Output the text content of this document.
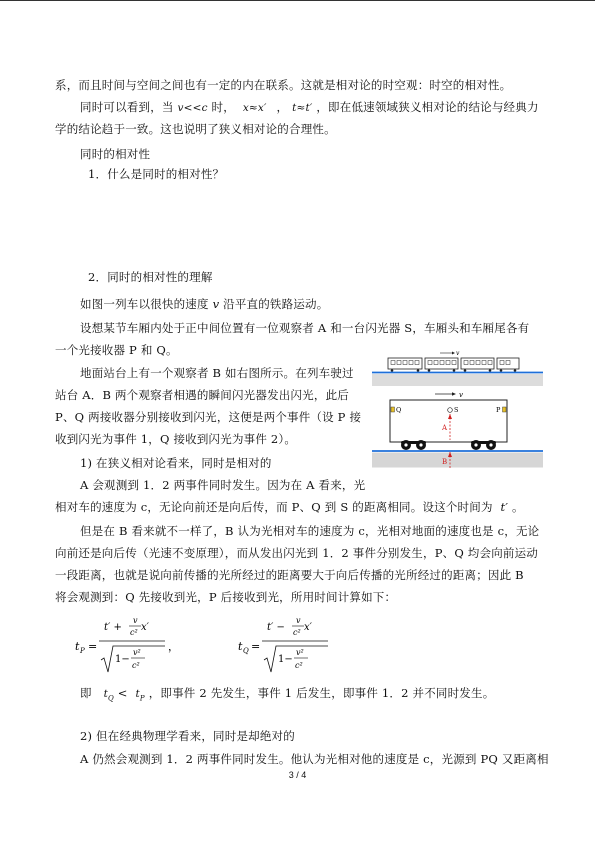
系，而且时间与空间之间也有一定的内在联系。这就是相对论的时空观：时空的相对性。
同时可以看到，当 v<<c 时， x≈x′ ， t≈t′ ，即在低速领域狭义相对论的结论与经典力
学的结论趋于一致。这也说明了狭义相对论的合理性。
同时的相对性
1．什么是同时的相对性？
2．同时的相对性的理解
如图一列车以很快的速度 v 沿平直的铁路运动。
设想某节车厢内处于正中间位置有一位观察者 A 和一台闪光器 S，车厢头和车厢尾各有
一个光接收器 P 和 Q。
地面站台上有一个观察者 B 如右图所示。在列车驶过
站台 A．B 两个观察者相遇的瞬间闪光器发出闪光，此后
P、Q 两接收器分别接收到闪光，这便是两个事件（设 P 接
收到闪光为事件 1，Q 接收到闪光为事件 2）。
1) 在狭义相对论看来，同时是相对的
A 会观测到 1．2 两事件同时发生。因为在 A 看来，光
相对车的速度为 c，无论向前还是向后传，而 P、Q 到 S 的距离相同。设这个时间为 t′ 。
但是在 B 看来就不一样了，B 认为光相对车的速度为 c，光相对地面的速度也是 c，无论
向前还是向后传（光速不变原理），而从发出闪光到 1．2 事件分别发生，P、Q 均会向前运动
一段距离，也就是说向前传播的光所经过的距离要大于向后传播的光所经过的距离；因此 B
将会观测到：Q 先接收到光，P 后接收到光，所用时间计算如下：
t P =
t′ +
v
c² x′
1−
v²
c²
，	t Q =
t′ −
v
c² x′
1−
v²
c²
即 $t_Q < t_P$ ，即事件 2 先发生，事件 1 后发生，即事件 1．2 并不同时发生。
2) 但在经典物理学看来，同时是却绝对的
A 仍然会观测到 1．2 两事件同时发生。他认为光相对他的速度是 c，光源到 PQ 又距离相
3 / 4
v
v
Q	P
S
A
B
